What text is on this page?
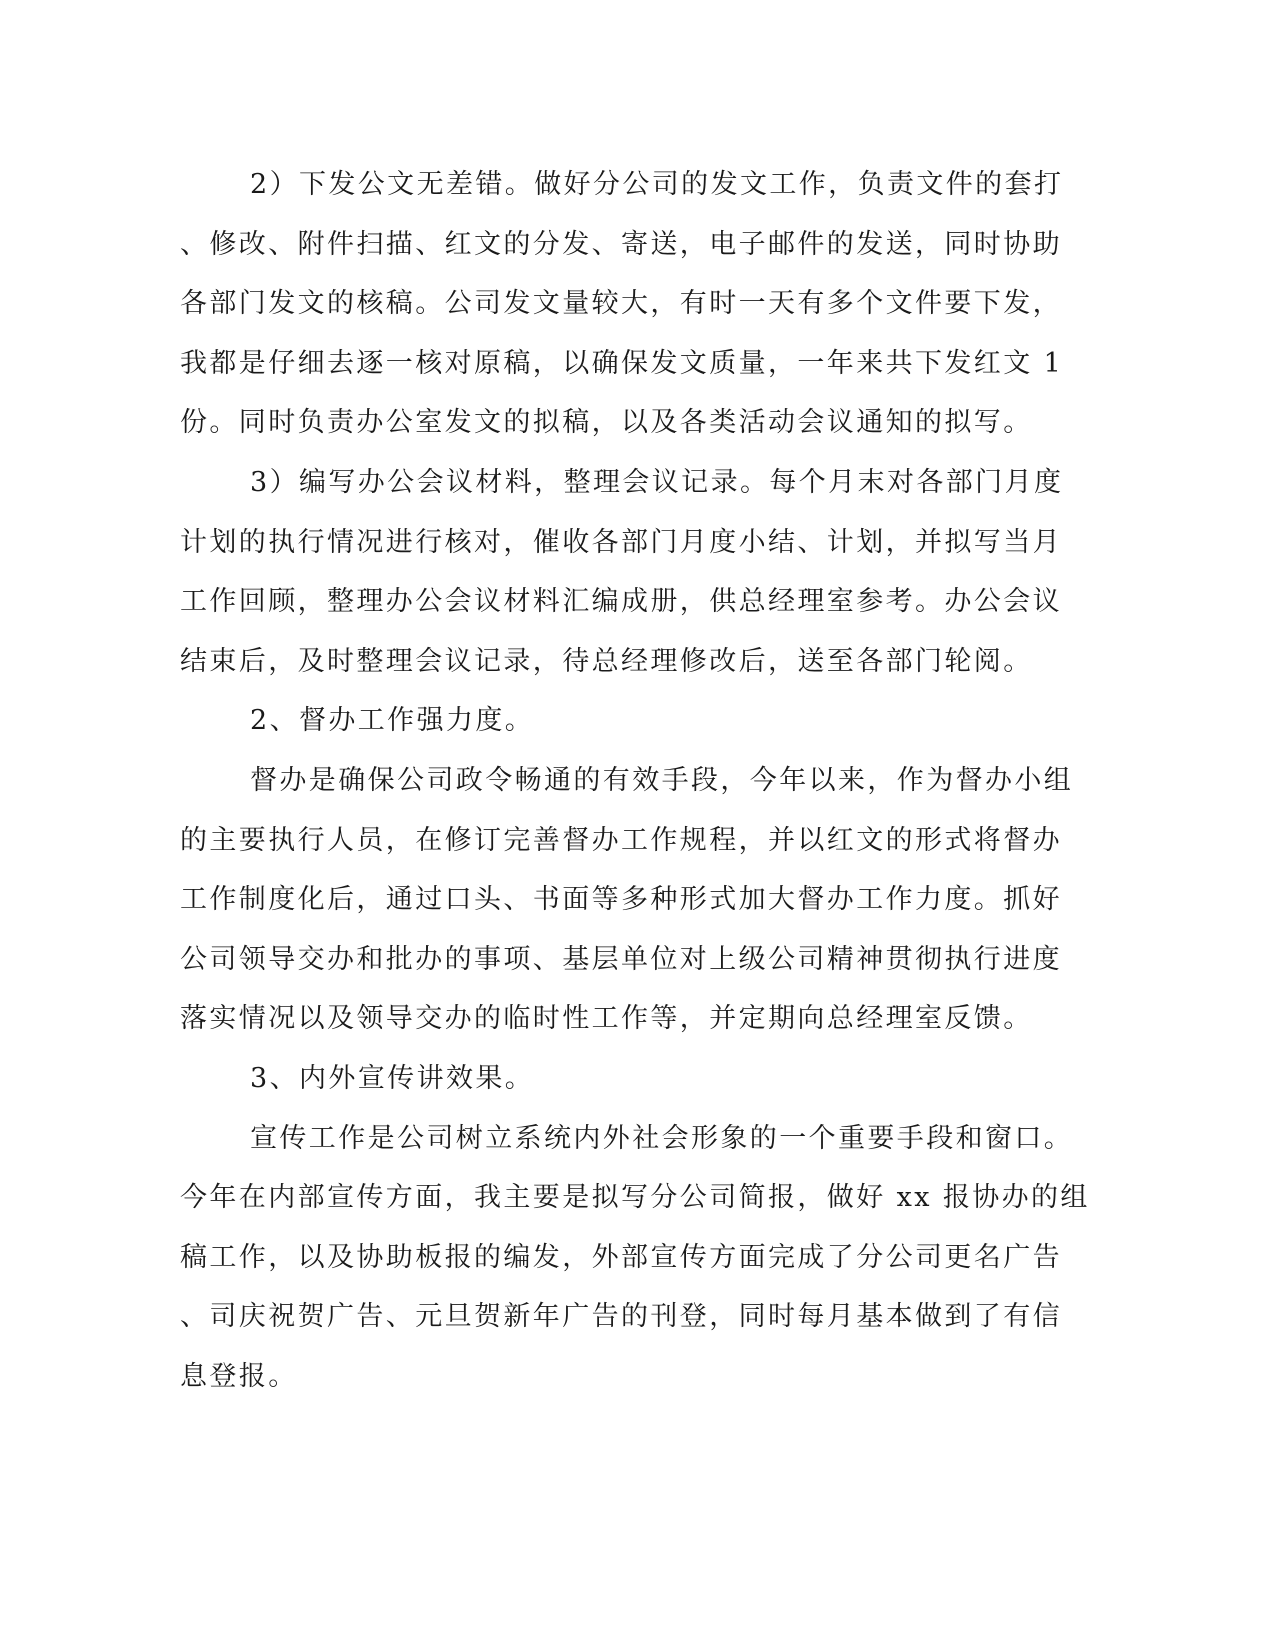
2）下发公文无差错。做好分公司的发文工作，负责文件的套打
、修改、附件扫描、红文的分发、寄送，电子邮件的发送，同时协助
各部门发文的核稿。公司发文量较大，有时一天有多个文件要下发，
我都是仔细去逐一核对原稿，以确保发文质量，一年来共下发红文 1
份。同时负责办公室发文的拟稿，以及各类活动会议通知的拟写。
3）编写办公会议材料，整理会议记录。每个月末对各部门月度
计划的执行情况进行核对，催收各部门月度小结、计划，并拟写当月
工作回顾，整理办公会议材料汇编成册，供总经理室参考。办公会议
结束后，及时整理会议记录，待总经理修改后，送至各部门轮阅。
2、督办工作强力度。
督办是确保公司政令畅通的有效手段，今年以来，作为督办小组
的主要执行人员，在修订完善督办工作规程，并以红文的形式将督办
工作制度化后，通过口头、书面等多种形式加大督办工作力度。抓好
公司领导交办和批办的事项、基层单位对上级公司精神贯彻执行进度
落实情况以及领导交办的临时性工作等，并定期向总经理室反馈。
3、内外宣传讲效果。
宣传工作是公司树立系统内外社会形象的一个重要手段和窗口。
今年在内部宣传方面，我主要是拟写分公司简报，做好 xx 报协办的组
稿工作，以及协助板报的编发，外部宣传方面完成了分公司更名广告
、司庆祝贺广告、元旦贺新年广告的刊登，同时每月基本做到了有信
息登报。
